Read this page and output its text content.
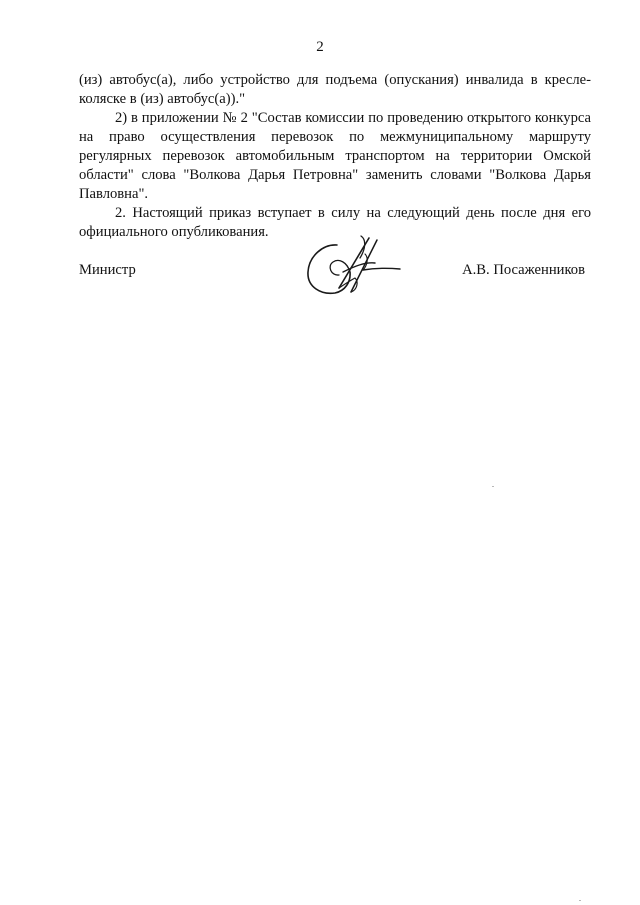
2

(из) автобус(а), либо устройство для подъема (опускания) инвалида в кресле-коляске в (из) автобус(а))."

2) в приложении № 2 "Состав комиссии по проведению открытого конкурса на право осуществления перевозок по межмуниципальному маршруту регулярных перевозок автомобильным транспортом на территории Омской области" слова "Волкова Дарья Петровна" заменить словами "Волкова Дарья Павловна".

2. Настоящий приказ вступает в силу на следующий день после дня его официального опубликования.

Министр	А.В. Посаженников
